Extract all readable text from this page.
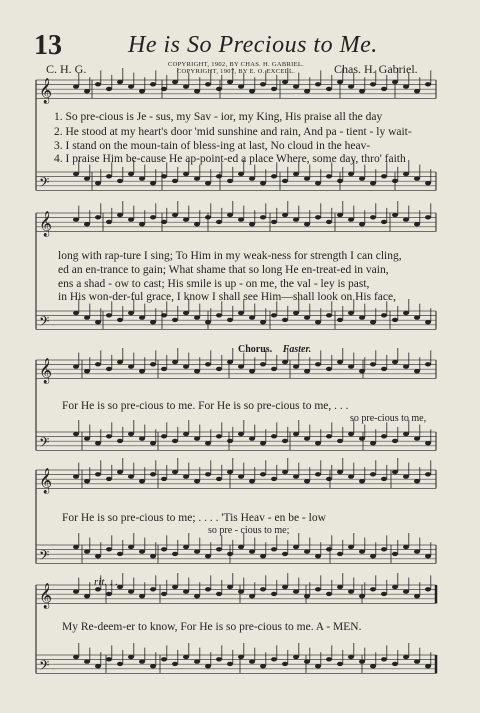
13	He is So Precious to Me.
C. H. G.	COPYRIGHT, 1902, BY CHAS. H. GABRIEL.
COPYRIGHT, 1907, BY E. O. EXCELL.	Chas. H. Gabriel.
𝄞
𝄢
𝄞
𝄢
𝄞
𝄢
𝄞
𝄢
𝄞
𝄢
1. So pre-cious is Je - sus, my Sav - ior, my King, His praise all the day
2. He stood at my heart's door 'mid sunshine and rain, And pa - tient - ly wait-
3. I stand on the moun-tain of bless-ing at last, No cloud in the heav-
4. I praise Him be-cause He ap-point-ed a place Where, some day, thro' faith
long with rap-ture I sing; To Him in my weak-ness for strength I can cling,
ed an en-trance to gain; What shame that so long He en-treat-ed in vain,
ens a shad - ow to cast; His smile is up - on me, the val - ley is past,
in His won-der-ful grace, I know I shall see Him—shall look on His face,
Chorus. Faster.
For He is so pre-cious to me. For He is so pre-cious to me, . . .
so pre-cious to me,
For He is so pre-cious to me; . . . . 'Tis Heav - en be - low
so pre - cious to me;
rit. . .
My Re-deem-er to know, For He is so pre-cious to me. A - MEN.
